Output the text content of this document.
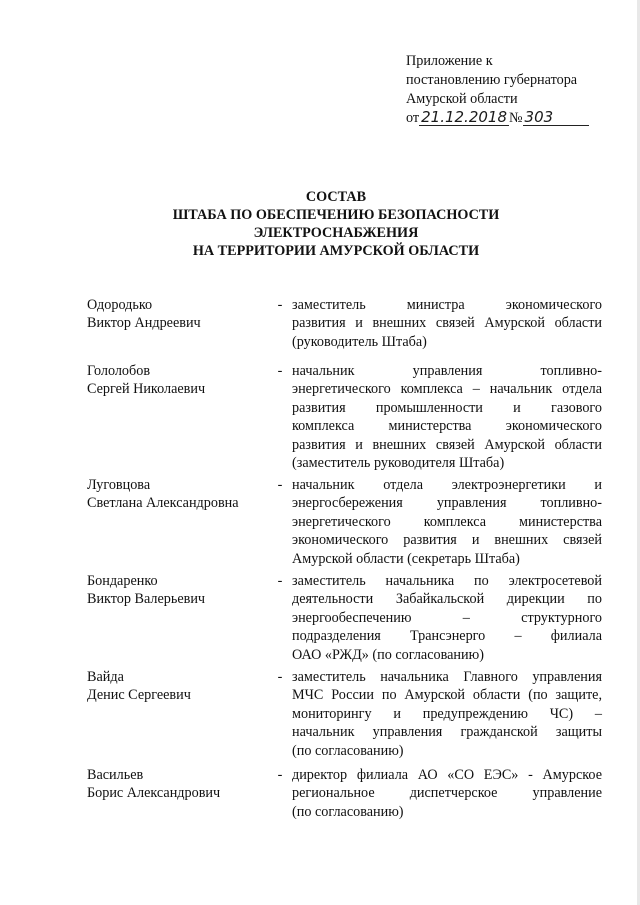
Приложение к
постановлению губернатора
Амурской области
от 21.12.2018 № 303
СОСТАВ
ШТАБА ПО ОБЕСПЕЧЕНИЮ БЕЗОПАСНОСТИ
ЭЛЕКТРОСНАБЖЕНИЯ
НА ТЕРРИТОРИИ АМУРСКОЙ ОБЛАСТИ
Одородько
Виктор Андреевич
- заместитель министра экономического
развития и внешних связей Амурской области
(руководитель Штаба)
Гололобов
Сергей Николаевич
- начальник управления топливно-
энергетического комплекса – начальник отдела
развития промышленности и газового
комплекса министерства экономического
развития и внешних связей Амурской области
(заместитель руководителя Штаба)
Луговцова
Светлана Александровна
- начальник отдела электроэнергетики и
энергосбережения управления топливно-
энергетического комплекса министерства
экономического развития и внешних связей
Амурской области (секретарь Штаба)
Бондаренко
Виктор Валерьевич
- заместитель начальника по электросетевой
деятельности Забайкальской дирекции по
энергообеспечению – структурного
подразделения Трансэнерго – филиала
ОАО «РЖД» (по согласованию)
Вайда
Денис Сергеевич
- заместитель начальника Главного управления
МЧС России по Амурской области (по защите,
мониторингу и предупреждению ЧС) –
начальник управления гражданской защиты
(по согласованию)
Васильев
Борис Александрович
- директор филиала АО «СО ЕЭС» - Амурское
региональное диспетчерское управление
(по согласованию)
